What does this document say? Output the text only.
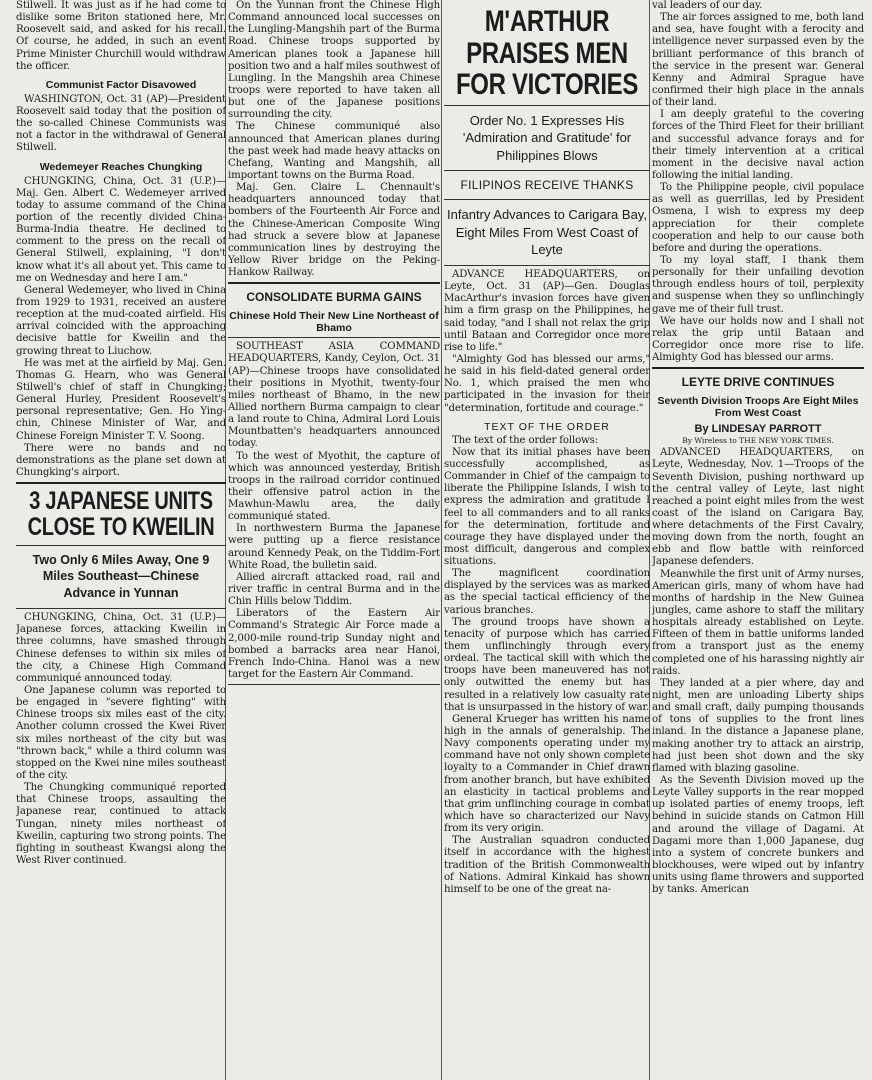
Stilwell. It was just as if he had come to dislike some Briton stationed here, Mr. Roosevelt said, and asked for his recall. Of course, he added, in such an event Prime Minister Churchill would withdraw the officer.

Communist Factor Disavowed

WASHINGTON, Oct. 31 (AP)—President Roosevelt said today that the position of the so-called Chinese Communists was not a factor in the withdrawal of General Stilwell.

Wedemeyer Reaches Chungking

CHUNGKING, China, Oct. 31 (U.P.)—Maj. Gen. Albert C. Wedemeyer arrived today to assume command of the China portion of the recently divided China-Burma-India theatre. He declined to comment to the press on the recall of General Stilwell, explaining, "I don't know what it's all about yet. This came to me on Wednesday and here I am."

General Wedemeyer, who lived in China from 1929 to 1931, received an austere reception at the mud-coated airfield. His arrival coincided with the approaching decisive battle for Kweilin and the growing threat to Liuchow.

He was met at the airfield by Maj. Gen. Thomas G. Hearn, who was General Stilwell's chief of staff in Chungking; General Hurley, President Roosevelt's personal representative; Gen. Ho Ying-chin, Chinese Minister of War, and Chinese Foreign Minister T. V. Soong.

There were no bands and no demonstrations as the plane set down at Chungking's airport.

3 JAPANESE UNITS CLOSE TO KWEILIN
Two Only 6 Miles Away, One 9 Miles Southeast—Chinese Advance in Yunnan

CHUNGKING, China, Oct. 31 (U.P.)—Japanese forces, attacking Kweilin in three columns, have smashed through Chinese defenses to within six miles of the city, a Chinese High Command communiqué announced today.

One Japanese column was reported to be engaged in "severe fighting" with Chinese troops six miles east of the city. Another column crossed the Kwei River six miles northeast of the city but was "thrown back," while a third column was stopped on the Kwei nine miles southeast of the city.

The Chungking communiqué reported that Chinese troops, assaulting the Japanese rear, continued to attack Tungan, ninety miles northeast of Kweilin, capturing two strong points. The fighting in southeast Kwangsi along the West River continued.

On the Yunnan front the Chinese High Command announced local successes on the Lungling-Mangshih part of the Burma Road. Chinese troops supported by American planes took a Japanese hill position two and a half miles southwest of Lungling. In the Mangshih area Chinese troops were reported to have taken all but one of the Japanese positions surrounding the city.

The Chinese communiqué also announced that American planes during the past week had made heavy attacks on Chefang, Wanting and Mangshih, all important towns on the Burma Road.

Maj. Gen. Claire L. Chennault's headquarters announced today that bombers of the Fourteenth Air Force and the Chinese-American Composite Wing had struck a severe blow at Japanese communication lines by destroying the Yellow River bridge on the Peking-Hankow Railway.

CONSOLIDATE BURMA GAINS
Chinese Hold Their New Line Northeast of Bhamo

SOUTHEAST ASIA COMMAND HEADQUARTERS, Kandy, Ceylon, Oct. 31 (AP)—Chinese troops have consolidated their positions in Myothit, twenty-four miles northeast of Bhamo, in the new Allied northern Burma campaign to clear a land route to China, Admiral Lord Louis Mountbatten's headquarters announced today.

To the west of Myothit, the capture of which was announced yesterday, British troops in the railroad corridor continued their offensive patrol action in the Mawhun-Mawlu area, the daily communiqué stated.

In northwestern Burma the Japanese were putting up a fierce resistance around Kennedy Peak, on the Tiddim-Fort White Road, the bulletin said.

Allied aircraft attacked road, rail and river traffic in central Burma and in the Chin Hills below Tiddim.

Liberators of the Eastern Air Command's Strategic Air Force made a 2,000-mile round-trip Sunday night and bombed a barracks area near Hanoi, French Indo-China. Hanoi was a new target for the Eastern Air Command.

M'ARTHUR PRAISES MEN FOR VICTORIES
Order No. 1 Expresses His 'Admiration and Gratitude' for Philippines Blows
FILIPINOS RECEIVE THANKS
Infantry Advances to Carigara Bay, Eight Miles From West Coast of Leyte

ADVANCE HEADQUARTERS, on Leyte, Oct. 31 (AP)—Gen. Douglas MacArthur's invasion forces have given him a firm grasp on the Philippines, he said today, "and I shall not relax the grip until Bataan and Corregidor once more rise to life."

"Almighty God has blessed our arms," he said in his field-dated general order No. 1, which praised the men who participated in the invasion for their "determination, fortitude and courage."

TEXT OF THE ORDER

The text of the order follows:

Now that its initial phases have been successfully accomplished, as Commander in Chief of the campaign to liberate the Philippine Islands, I wish to express the admiration and gratitude I feel to all commanders and to all ranks for the determination, fortitude and courage they have displayed under the most difficult, dangerous and complex situations.

The magnificent coordination displayed by the services was as marked as the special tactical efficiency of the various branches.

The ground troops have shown a tenacity of purpose which has carried them unflinchingly through every ordeal. The tactical skill with which the troops have been maneuvered has not only outwitted the enemy but has resulted in a relatively low casualty rate that is unsurpassed in the history of war.

General Krueger has written his name high in the annals of generalship. The Navy components operating under my command have not only shown complete loyalty to a Commander in Chief drawn from another branch, but have exhibited an elasticity in tactical problems and that grim unflinching courage in combat which have so characterized our Navy from its very origin.

The Australian squadron conducted itself in accordance with the highest tradition of the British Commonwealth of Nations. Admiral Kinkaid has shown himself to be one of the great na-

val leaders of our day.

The air forces assigned to me, both land and sea, have fought with a ferocity and intelligence never surpassed even by the brilliant performance of this branch of the service in the present war. General Kenny and Admiral Sprague have confirmed their high place in the annals of their land.

I am deeply grateful to the covering forces of the Third Fleet for their brilliant and successful advance forays and for their timely intervention at a critical moment in the decisive naval action following the initial landing.

To the Philippine people, civil populace as well as guerrillas, led by President Osmena, I wish to express my deep appreciation for their complete cooperation and help to our cause both before and during the operations.

To my loyal staff, I thank them personally for their unfailing devotion through endless hours of toil, perplexity and suspense when they so unflinchingly gave me of their full trust.

We have our holds now and I shall not relax the grip until Bataan and Corregidor once more rise to life. Almighty God has blessed our arms.

LEYTE DRIVE CONTINUES
Seventh Division Troops Are Eight Miles From West Coast
By LINDESAY PARROTT
By Wireless to THE NEW YORK TIMES.

ADVANCED HEADQUARTERS, on Leyte, Wednesday, Nov. 1—Troops of the Seventh Division, pushing northward up the central valley of Leyte, last night reached a point eight miles from the west coast of the island on Carigara Bay, where detachments of the First Cavalry, moving down from the north, fought an ebb and flow battle with reinforced Japanese defenders.

Meanwhile the first unit of Army nurses, American girls, many of whom have had months of hardship in the New Guinea jungles, came ashore to staff the military hospitals already established on Leyte. Fifteen of them in battle uniforms landed from a transport just as the enemy completed one of his harassing nightly air raids.

They landed at a pier where, day and night, men are unloading Liberty ships and small craft, daily pumping thousands of tons of supplies to the front lines inland. In the distance a Japanese plane, making another try to attack an airstrip, had just been shot down and the sky flamed with blazing gasoline.

As the Seventh Division moved up the Leyte Valley supports in the rear mopped up isolated parties of enemy troops, left behind in suicide stands on Catmon Hill and around the village of Dagami. At Dagami more than 1,000 Japanese, dug into a system of concrete bunkers and blockhouses, were wiped out by infantry units using flame throwers and supported by tanks. American
